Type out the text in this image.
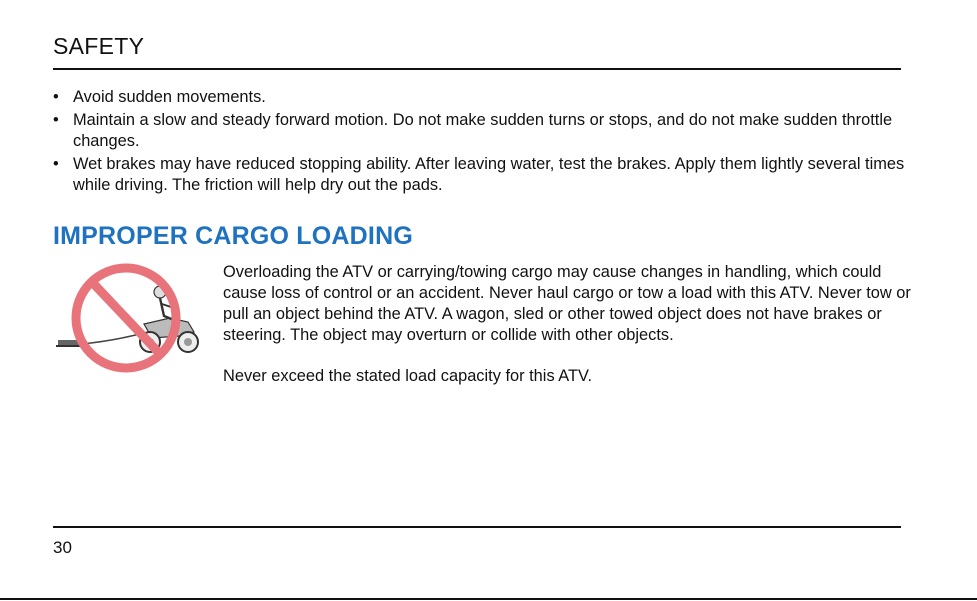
SAFETY
• Avoid sudden movements.
• Maintain a slow and steady forward motion. Do not make sudden turns or stops, and do not make sudden throttle changes.
• Wet brakes may have reduced stopping ability. After leaving water, test the brakes. Apply them lightly several times while driving. The friction will help dry out the pads.
IMPROPER CARGO LOADING

Overloading the ATV or carrying/towing cargo may cause changes in handling, which could cause loss of control or an accident. Never haul cargo or tow a load with this ATV. Never tow or pull an object behind the ATV. A wagon, sled or other towed object does not have brakes or steering. The object may overturn or collide with other objects.

Never exceed the stated load capacity for this ATV.

30
